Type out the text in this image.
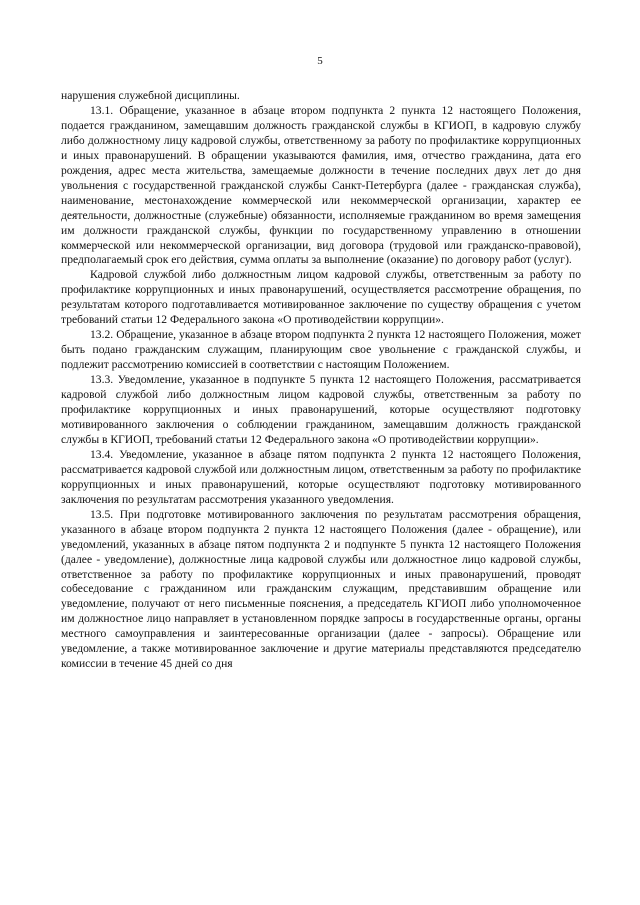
5

нарушения служебной дисциплины.

13.1. Обращение, указанное в абзаце втором подпункта 2 пункта 12 настоящего Положения, подается гражданином, замещавшим должность гражданской службы в КГИОП, в кадровую службу либо должностному лицу кадровой службы, ответственному за работу по профилактике коррупционных и иных правонарушений. В обращении указываются фамилия, имя, отчество гражданина, дата его рождения, адрес места жительства, замещаемые должности в течение последних двух лет до дня увольнения с государственной гражданской службы Санкт-Петербурга (далее - гражданская служба), наименование, местонахождение коммерческой или некоммерческой организации, характер ее деятельности, должностные (служебные) обязанности, исполняемые гражданином во время замещения им должности гражданской службы, функции по государственному управлению в отношении коммерческой или некоммерческой организации, вид договора (трудовой или гражданско-правовой), предполагаемый срок его действия, сумма оплаты за выполнение (оказание) по договору работ (услуг).

Кадровой службой либо должностным лицом кадровой службы, ответственным за работу по профилактике коррупционных и иных правонарушений, осуществляется рассмотрение обращения, по результатам которого подготавливается мотивированное заключение по существу обращения с учетом требований статьи 12 Федерального закона «О противодействии коррупции».

13.2. Обращение, указанное в абзаце втором подпункта 2 пункта 12 настоящего Положения, может быть подано гражданским служащим, планирующим свое увольнение с гражданской службы, и подлежит рассмотрению комиссией в соответствии с настоящим Положением.

13.3. Уведомление, указанное в подпункте 5 пункта 12 настоящего Положения, рассматривается кадровой службой либо должностным лицом кадровой службы, ответственным за работу по профилактике коррупционных и иных правонарушений, которые осуществляют подготовку мотивированного заключения о соблюдении гражданином, замещавшим должность гражданской службы в КГИОП, требований статьи 12 Федерального закона «О противодействии коррупции».

13.4. Уведомление, указанное в абзаце пятом подпункта 2 пункта 12 настоящего Положения, рассматривается кадровой службой или должностным лицом, ответственным за работу по профилактике коррупционных и иных правонарушений, которые осуществляют подготовку мотивированного заключения по результатам рассмотрения указанного уведомления.

13.5. При подготовке мотивированного заключения по результатам рассмотрения обращения, указанного в абзаце втором подпункта 2 пункта 12 настоящего Положения (далее - обращение), или уведомлений, указанных в абзаце пятом подпункта 2 и подпункте 5 пункта 12 настоящего Положения (далее - уведомление), должностные лица кадровой службы или должностное лицо кадровой службы, ответственное за работу по профилактике коррупционных и иных правонарушений, проводят собеседование с гражданином или гражданским служащим, представившим обращение или уведомление, получают от него письменные пояснения, а председатель КГИОП либо уполномоченное им должностное лицо направляет в установленном порядке запросы в государственные органы, органы местного самоуправления и заинтересованные организации (далее - запросы). Обращение или уведомление, а также мотивированное заключение и другие материалы представляются председателю комиссии в течение 45 дней со дня
